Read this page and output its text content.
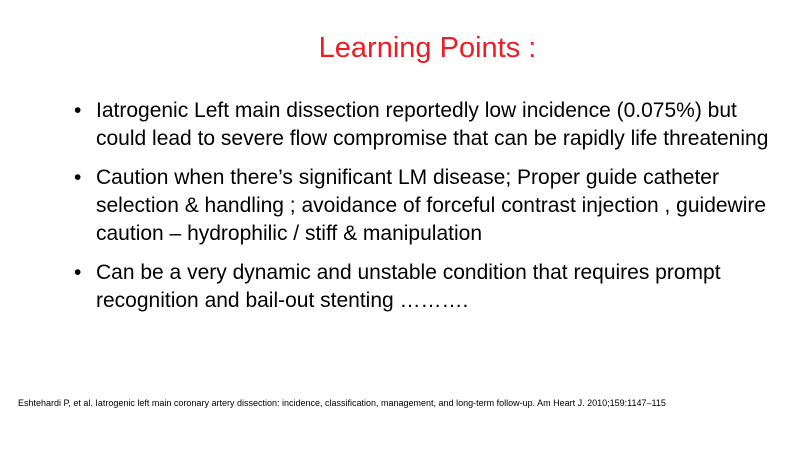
Learning Points :
• Iatrogenic Left main dissection reportedly low incidence (0.075%) but could lead to severe flow compromise that can be rapidly life threatening
• Caution when there’s significant LM disease; Proper guide catheter selection & handling ; avoidance of forceful contrast injection , guidewire caution – hydrophilic / stiff & manipulation
• Can be a very dynamic and unstable condition that requires prompt recognition and bail-out stenting ……….
Eshtehardi P, et al. Iatrogenic left main coronary artery dissection: incidence, classification, management, and long-term follow-up. Am Heart J. 2010;159:1147–115
